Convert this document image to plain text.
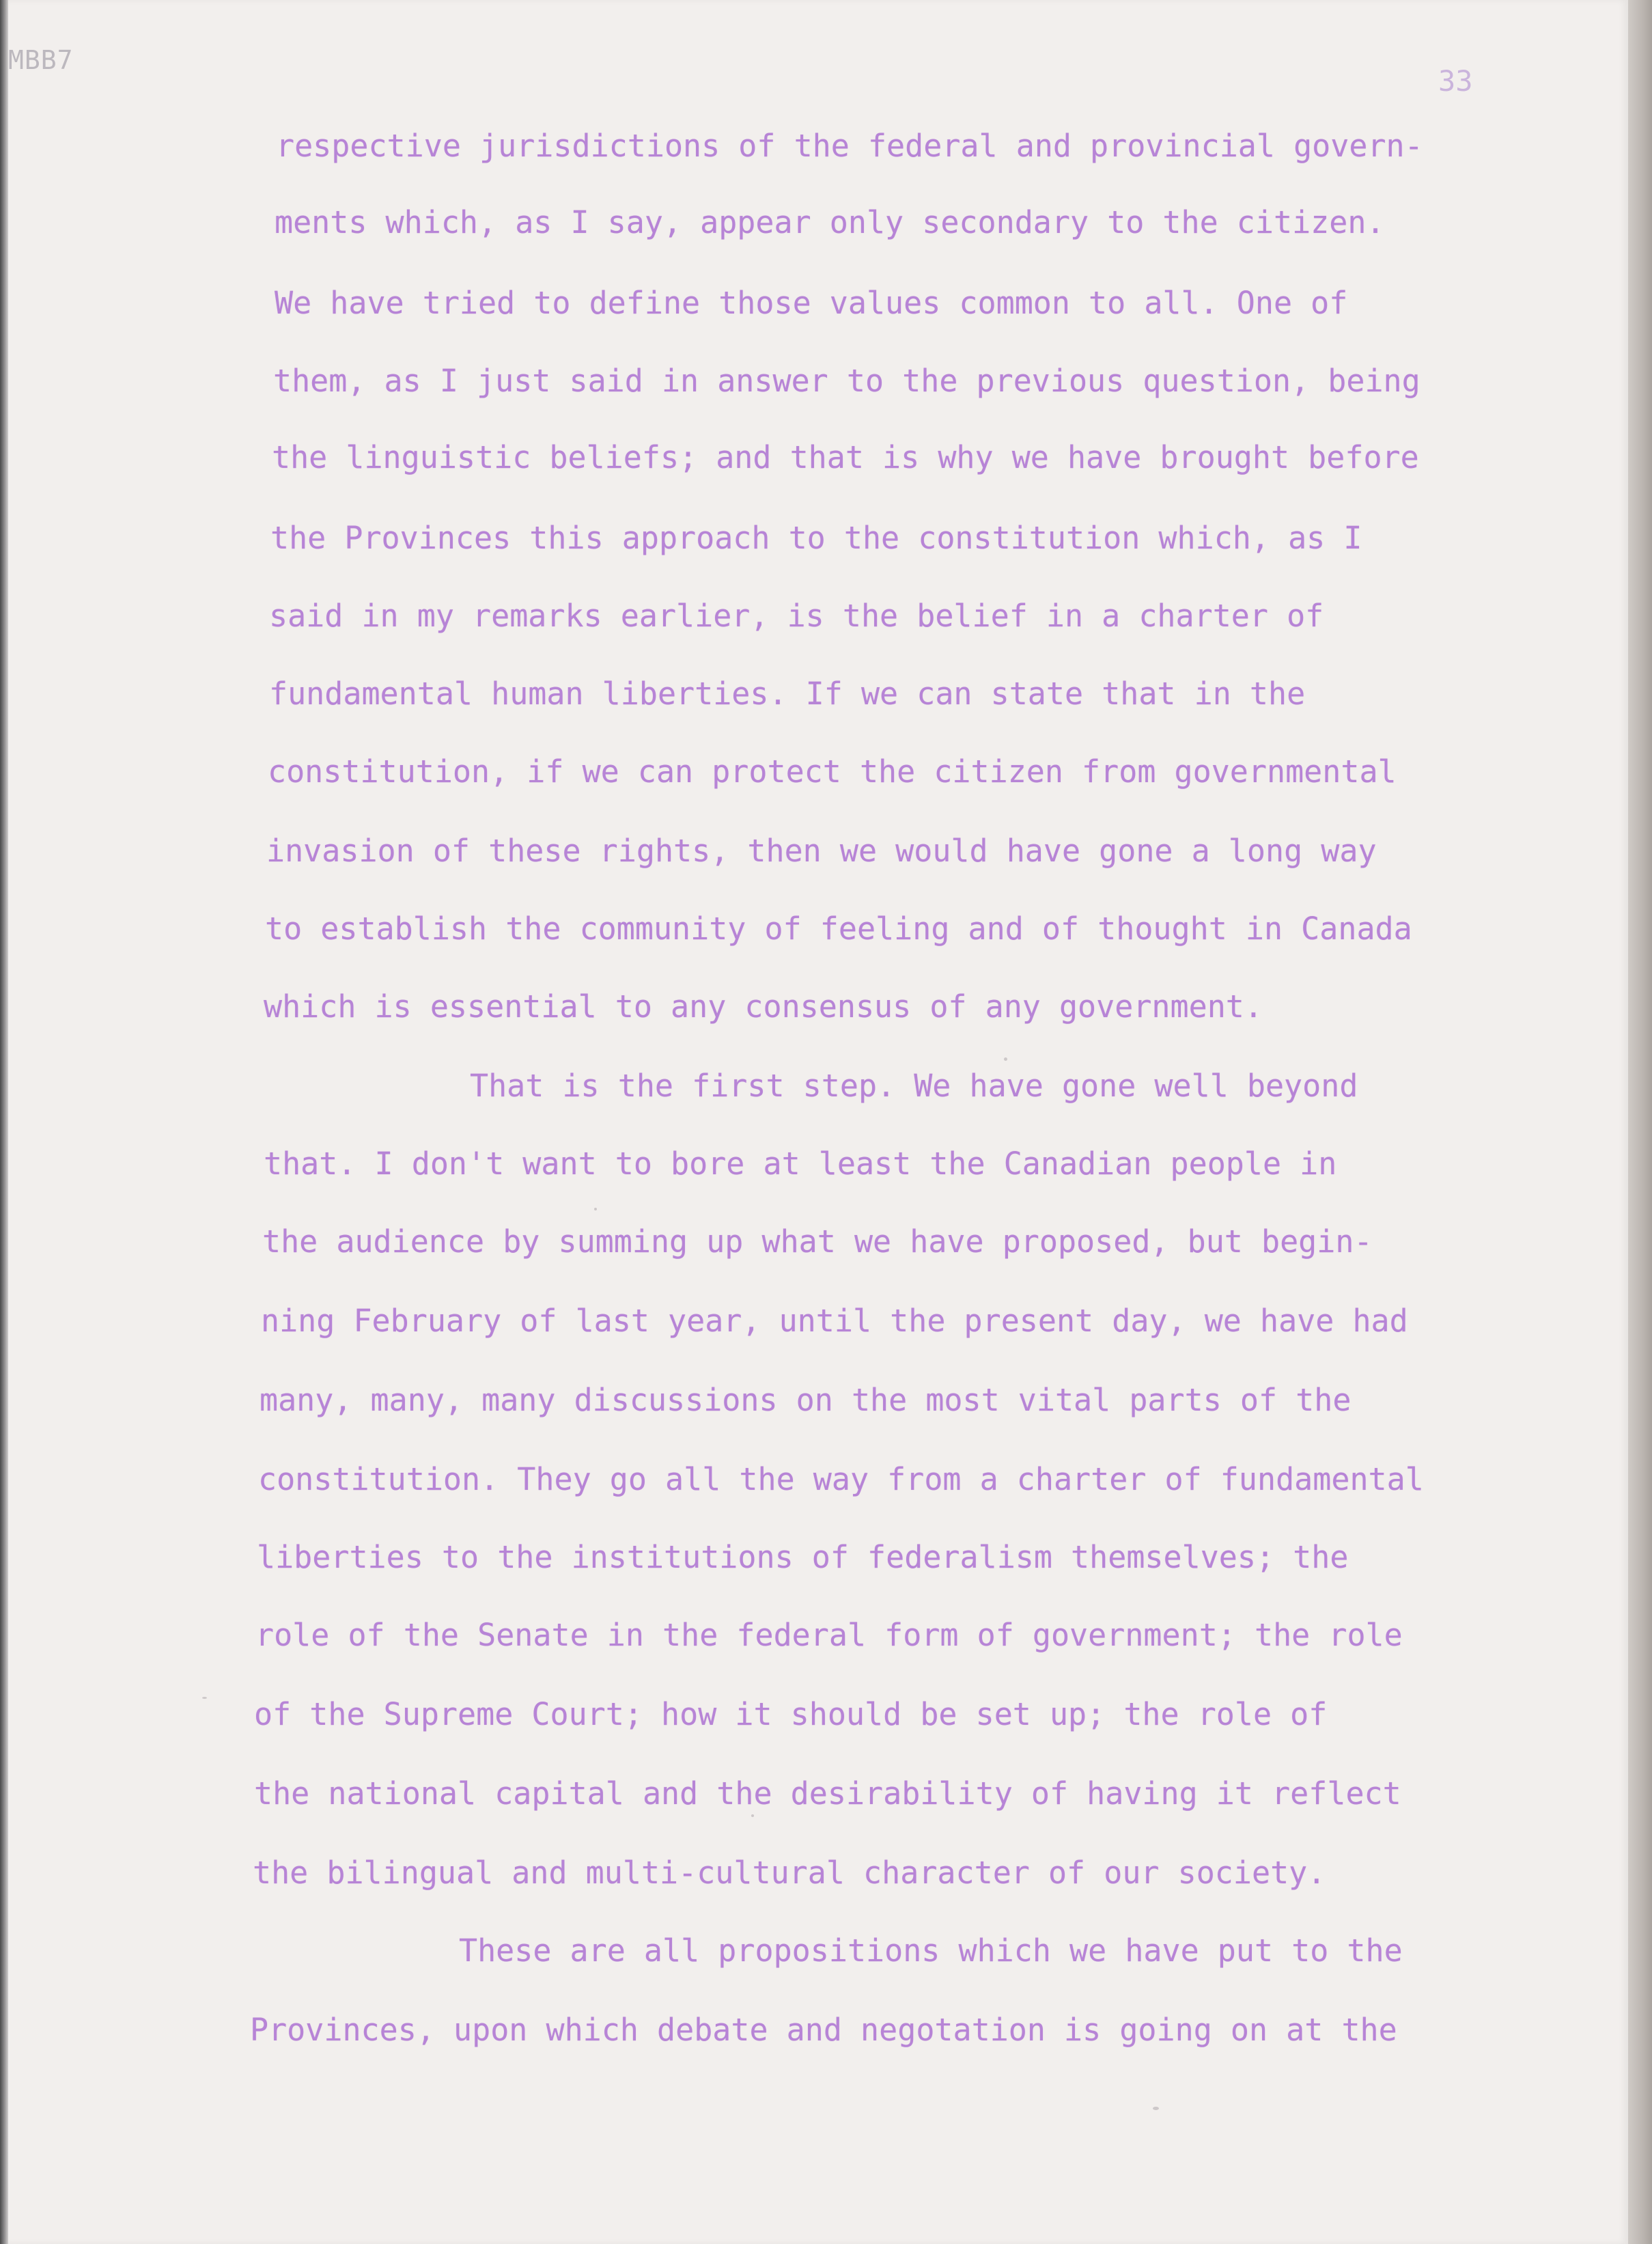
MBB7
33

respective jurisdictions of the federal and provincial govern-

ments which, as I say, appear only secondary to the citizen.

We have tried to define those values common to all. One of

them, as I just said in answer to the previous question, being

the linguistic beliefs; and that is why we have brought before

the Provinces this approach to the constitution which, as I

said in my remarks earlier, is the belief in a charter of

fundamental human liberties. If we can state that in the

constitution, if we can protect the citizen from governmental

invasion of these rights, then we would have gone a long way

to establish the community of feeling and of thought in Canada

which is essential to any consensus of any government.

That is the first step. We have gone well beyond

that. I don't want to bore at least the Canadian people in

the audience by summing up what we have proposed, but begin-

ning February of last year, until the present day, we have had

many, many, many discussions on the most vital parts of the

constitution. They go all the way from a charter of fundamental

liberties to the institutions of federalism themselves; the

role of the Senate in the federal form of government; the role

of the Supreme Court; how it should be set up; the role of

the national capital and the desirability of having it reflect

the bilingual and multi-cultural character of our society.

These are all propositions which we have put to the

Provinces, upon which debate and negotation is going on at the
